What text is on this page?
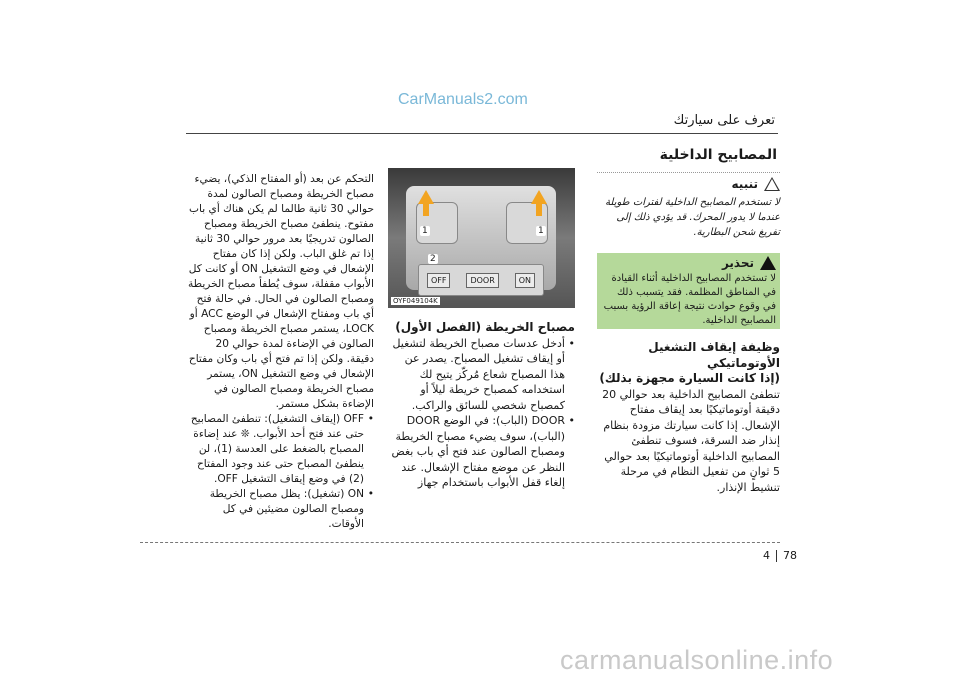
CarManuals2.com
تعرف على سيارتك
المصابيح الداخلية
تنبيه
لا تستخدم المصابيح الداخلية لفترات طويلة عندما لا يدور المحرك. قد يؤدي ذلك إلى تفريغ شحن البطارية.
تحذير
لا تستخدم المصابيح الداخلية أثناء القيادة في المناطق المظلمة. فقد يتسبب ذلك في وقوع حوادث نتيجة إعاقة الرؤية بسبب المصابيح الداخلية.
وظيفة إيقاف التشغيل الأوتوماتيكي
(إذا كانت السيارة مجهزة بذلك)
تنطفئ المصابيح الداخلية بعد حوالي 20 دقيقة أوتوماتيكيًا بعد إيقاف مفتاح الإشعال. إذا كانت سيارتك مزودة بنظام إنذار ضد السرقة، فسوف تنطفئ المصابيح الداخلية أوتوماتيكيًا بعد حوالي 5 ثوانٍ من تفعيل النظام في مرحلة تنشيط الإنذار.
1	1
2
OFF	DOOR	ON
OYF049104K
مصباح الخريطة (الفصل الأول)
• أدخل عدسات مصباح الخريطة لتشغيل أو إيقاف تشغيل المصباح. يصدر عن هذا المصباح شعاع مُركّز يتيح لك استخدامه كمصباح خريطة ليلاً أو كمصباح شخصي للسائق والراكب.
• DOOR (الباب): في الوضع DOOR (الباب)، سوف يضيء مصباح الخريطة ومصباح الصالون عند فتح أي باب بغض النظر عن موضع مفتاح الإشعال. عند إلغاء قفل الأبواب باستخدام جهاز
التحكم عن بعد (أو المفتاح الذكي)، يضيء مصباح الخريطة ومصباح الصالون لمدة حوالي 30 ثانية طالما لم يكن هناك أي باب مفتوح. ينطفئ مصباح الخريطة ومصباح الصالون تدريجيًا بعد مرور حوالي 30 ثانية إذا تم غلق الباب. ولكن إذا كان مفتاح الإشعال في وضع التشغيل ON أو كانت كل الأبواب مقفلة، سوف يُطفأ مصباح الخريطة ومصباح الصالون في الحال. في حالة فتح أي باب ومفتاح الإشعال في الوضع ACC أو LOCK، يستمر مصباح الخريطة ومصباح الصالون في الإضاءة لمدة حوالي 20 دقيقة. ولكن إذا تم فتح أي باب وكان مفتاح الإشعال في وضع التشغيل ON، يستمر مصباح الخريطة ومصباح الصالون في الإضاءة بشكل مستمر.
• OFF (إيقاف التشغيل): تنطفئ المصابيح حتى عند فتح أحد الأبواب. ❊ عند إضاءة المصباح بالضغط على العدسة (1)، لن ينطفئ المصباح حتى عند وجود المفتاح (2) في وضع إيقاف التشغيل OFF.
• ON (تشغيل): يظل مصباح الخريطة ومصباح الصالون مضيئين في كل الأوقات.
4 78
carmanualsonline.info
